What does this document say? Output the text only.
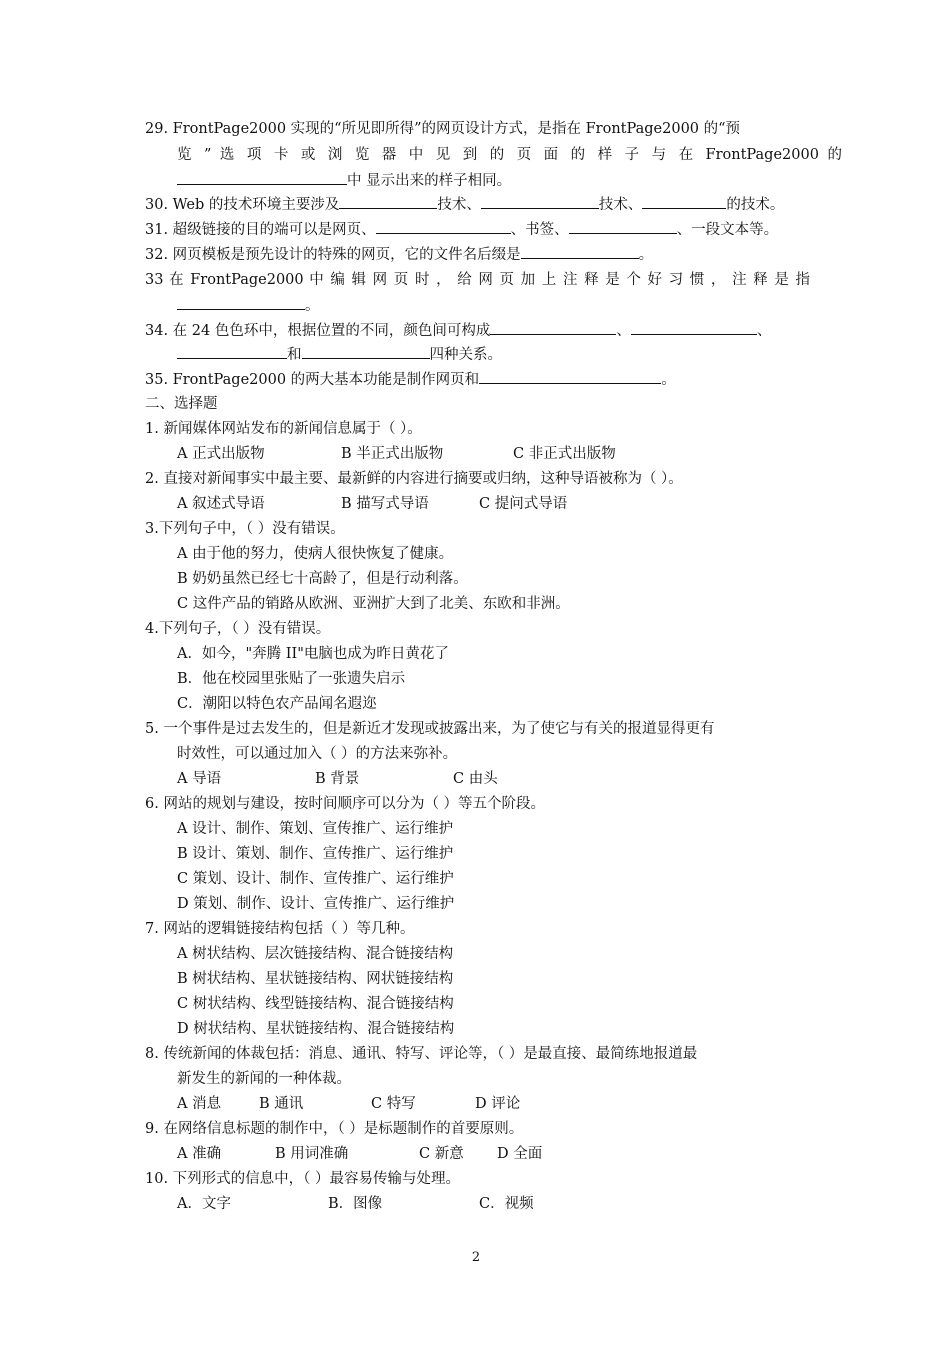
29. FrontPage2000 实现的“所见即所得”的网页设计方式，是指在 FrontPage2000 的“预
览 ” 选 项 卡 或 浏 览 器 中 见 到 的 页 面 的 样 子 与 在 FrontPage2000 的
中 显示出来的样子相同。
30. Web 的技术环境主要涉及	技术、	技术、	的技术。
31. 超级链接的目的端可以是网页、	、书签、	、一段文本等。
32. 网页模板是预先设计的特殊的网页，它的文件名后缀是	。
33 在 FrontPage2000 中 编 辑 网 页 时 ， 给 网 页 加 上 注 释 是 个 好 习 惯 ， 注 释 是 指
。
34. 在 24 色色环中，根据位置的不同，颜色间可构成	、	、
和	四种关系。
35. FrontPage2000 的两大基本功能是制作网页和	。
二、选择题
1. 新闻媒体网站发布的新闻信息属于（ ）。
A 正式出版物	B 半正式出版物	C 非正式出版物
2. 直接对新闻事实中最主要、最新鲜的内容进行摘要或归纳，这种导语被称为（ ）。
A 叙述式导语	B 描写式导语	C 提问式导语
3.下列句子中，（ ）没有错误。
A 由于他的努力，使病人很快恢复了健康。
B 奶奶虽然已经七十高龄了，但是行动利落。
C 这件产品的销路从欧洲、亚洲扩大到了北美、东欧和非洲。
4.下列句子，（ ）没有错误。
A．如今，"奔腾 II"电脑也成为昨日黄花了
B．他在校园里张贴了一张遗失启示
C．潮阳以特色农产品闻名遐迩
5. 一个事件是过去发生的，但是新近才发现或披露出来，为了使它与有关的报道显得更有
时效性，可以通过加入（ ）的方法来弥补。
A 导语	B 背景	C 由头
6. 网站的规划与建设，按时间顺序可以分为（ ）等五个阶段。
A 设计、制作、策划、宣传推广、运行维护
B 设计、策划、制作、宣传推广、运行维护
C 策划、设计、制作、宣传推广、运行维护
D 策划、制作、设计、宣传推广、运行维护
7. 网站的逻辑链接结构包括（ ）等几种。
A 树状结构、层次链接结构、混合链接结构
B 树状结构、星状链接结构、网状链接结构
C 树状结构、线型链接结构、混合链接结构
D 树状结构、星状链接结构、混合链接结构
8. 传统新闻的体裁包括：消息、通讯、特写、评论等，（ ）是最直接、最简练地报道最
新发生的新闻的一种体裁。
A 消息	B 通讯	C 特写	D 评论
9. 在网络信息标题的制作中，（ ）是标题制作的首要原则。
A 准确	B 用词准确	C 新意 D 全面
10. 下列形式的信息中，（ ）最容易传输与处理。
A．文字	B．图像	C．视频
2
